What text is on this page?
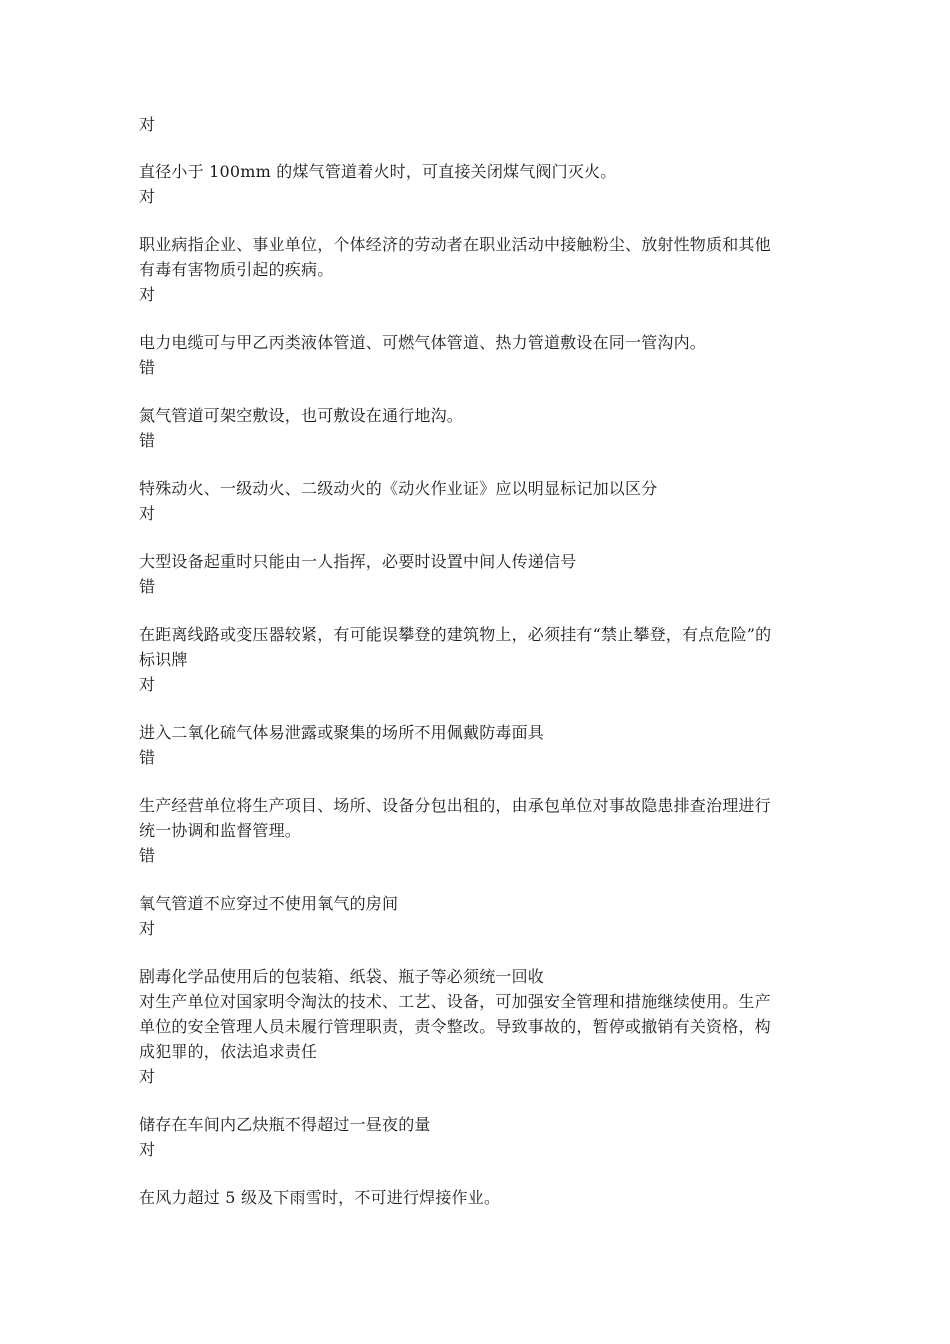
对
直径小于 100mm 的煤气管道着火时，可直接关闭煤气阀门灭火。
对
职业病指企业、事业单位，个体经济的劳动者在职业活动中接触粉尘、放射性物质和其他
有毒有害物质引起的疾病。
对
电力电缆可与甲乙丙类液体管道、可燃气体管道、热力管道敷设在同一管沟内。
错
氮气管道可架空敷设，也可敷设在通行地沟。
错
特殊动火、一级动火、二级动火的《动火作业证》应以明显标记加以区分
对
大型设备起重时只能由一人指挥，必要时设置中间人传递信号
错
在距离线路或变压器较紧，有可能误攀登的建筑物上，必须挂有“禁止攀登，有点危险”的
标识牌
对
进入二氧化硫气体易泄露或聚集的场所不用佩戴防毒面具
错
生产经营单位将生产项目、场所、设备分包出租的，由承包单位对事故隐患排查治理进行
统一协调和监督管理。
错
氧气管道不应穿过不使用氧气的房间
对
剧毒化学品使用后的包装箱、纸袋、瓶子等必须统一回收
对生产单位对国家明令淘汰的技术、工艺、设备，可加强安全管理和措施继续使用。生产
单位的安全管理人员未履行管理职责，责令整改。导致事故的，暂停或撤销有关资格，构
成犯罪的，依法追求责任
对
储存在车间内乙炔瓶不得超过一昼夜的量
对
在风力超过 5 级及下雨雪时，不可进行焊接作业。
